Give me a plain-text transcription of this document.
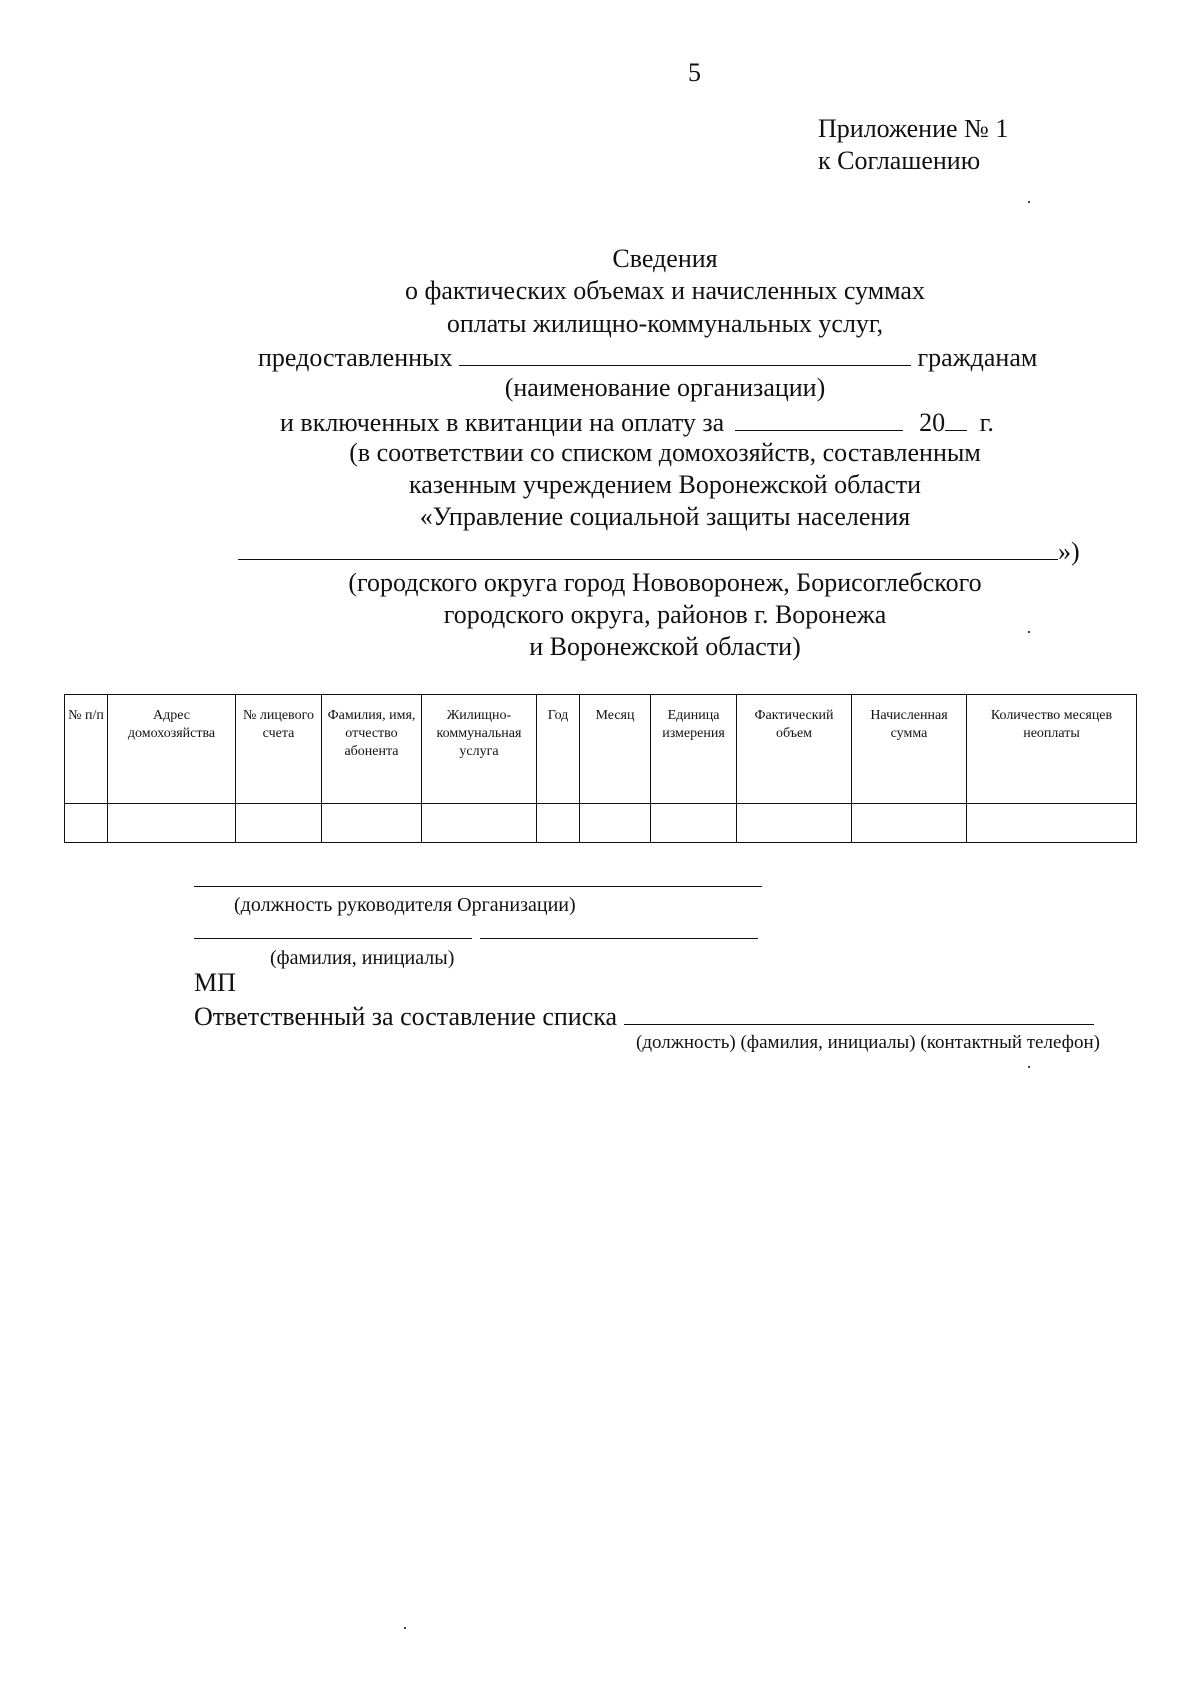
5
Приложение № 1
к Соглашению
Сведения
о фактических объемах и начисленных суммах
оплаты жилищно-коммунальных услуг,
предоставленных	гражданам
(наименование организации)
и включенных в квитанции на оплату за	20 г.
(в соответствии со списком домохозяйств, составленным
казенным учреждением Воронежской области
«Управление социальной защиты населения
»)
(городского округа город Нововоронеж, Борисоглебского
городского округа, районов г. Воронежа
и Воронежской области)
№ п/п	Адрес домохозяйства	№ лицевого счета	Фамилия, имя, отчество абонента	Жилищно-коммунальная услуга	Год	Месяц	Единица измерения	Фактический объем	Начисленная сумма	Количество месяцев неоплаты

(должность руководителя Организации)
(фамилия, инициалы)
МП
Ответственный за составление списка
(должность) (фамилия, инициалы) (контактный телефон)
